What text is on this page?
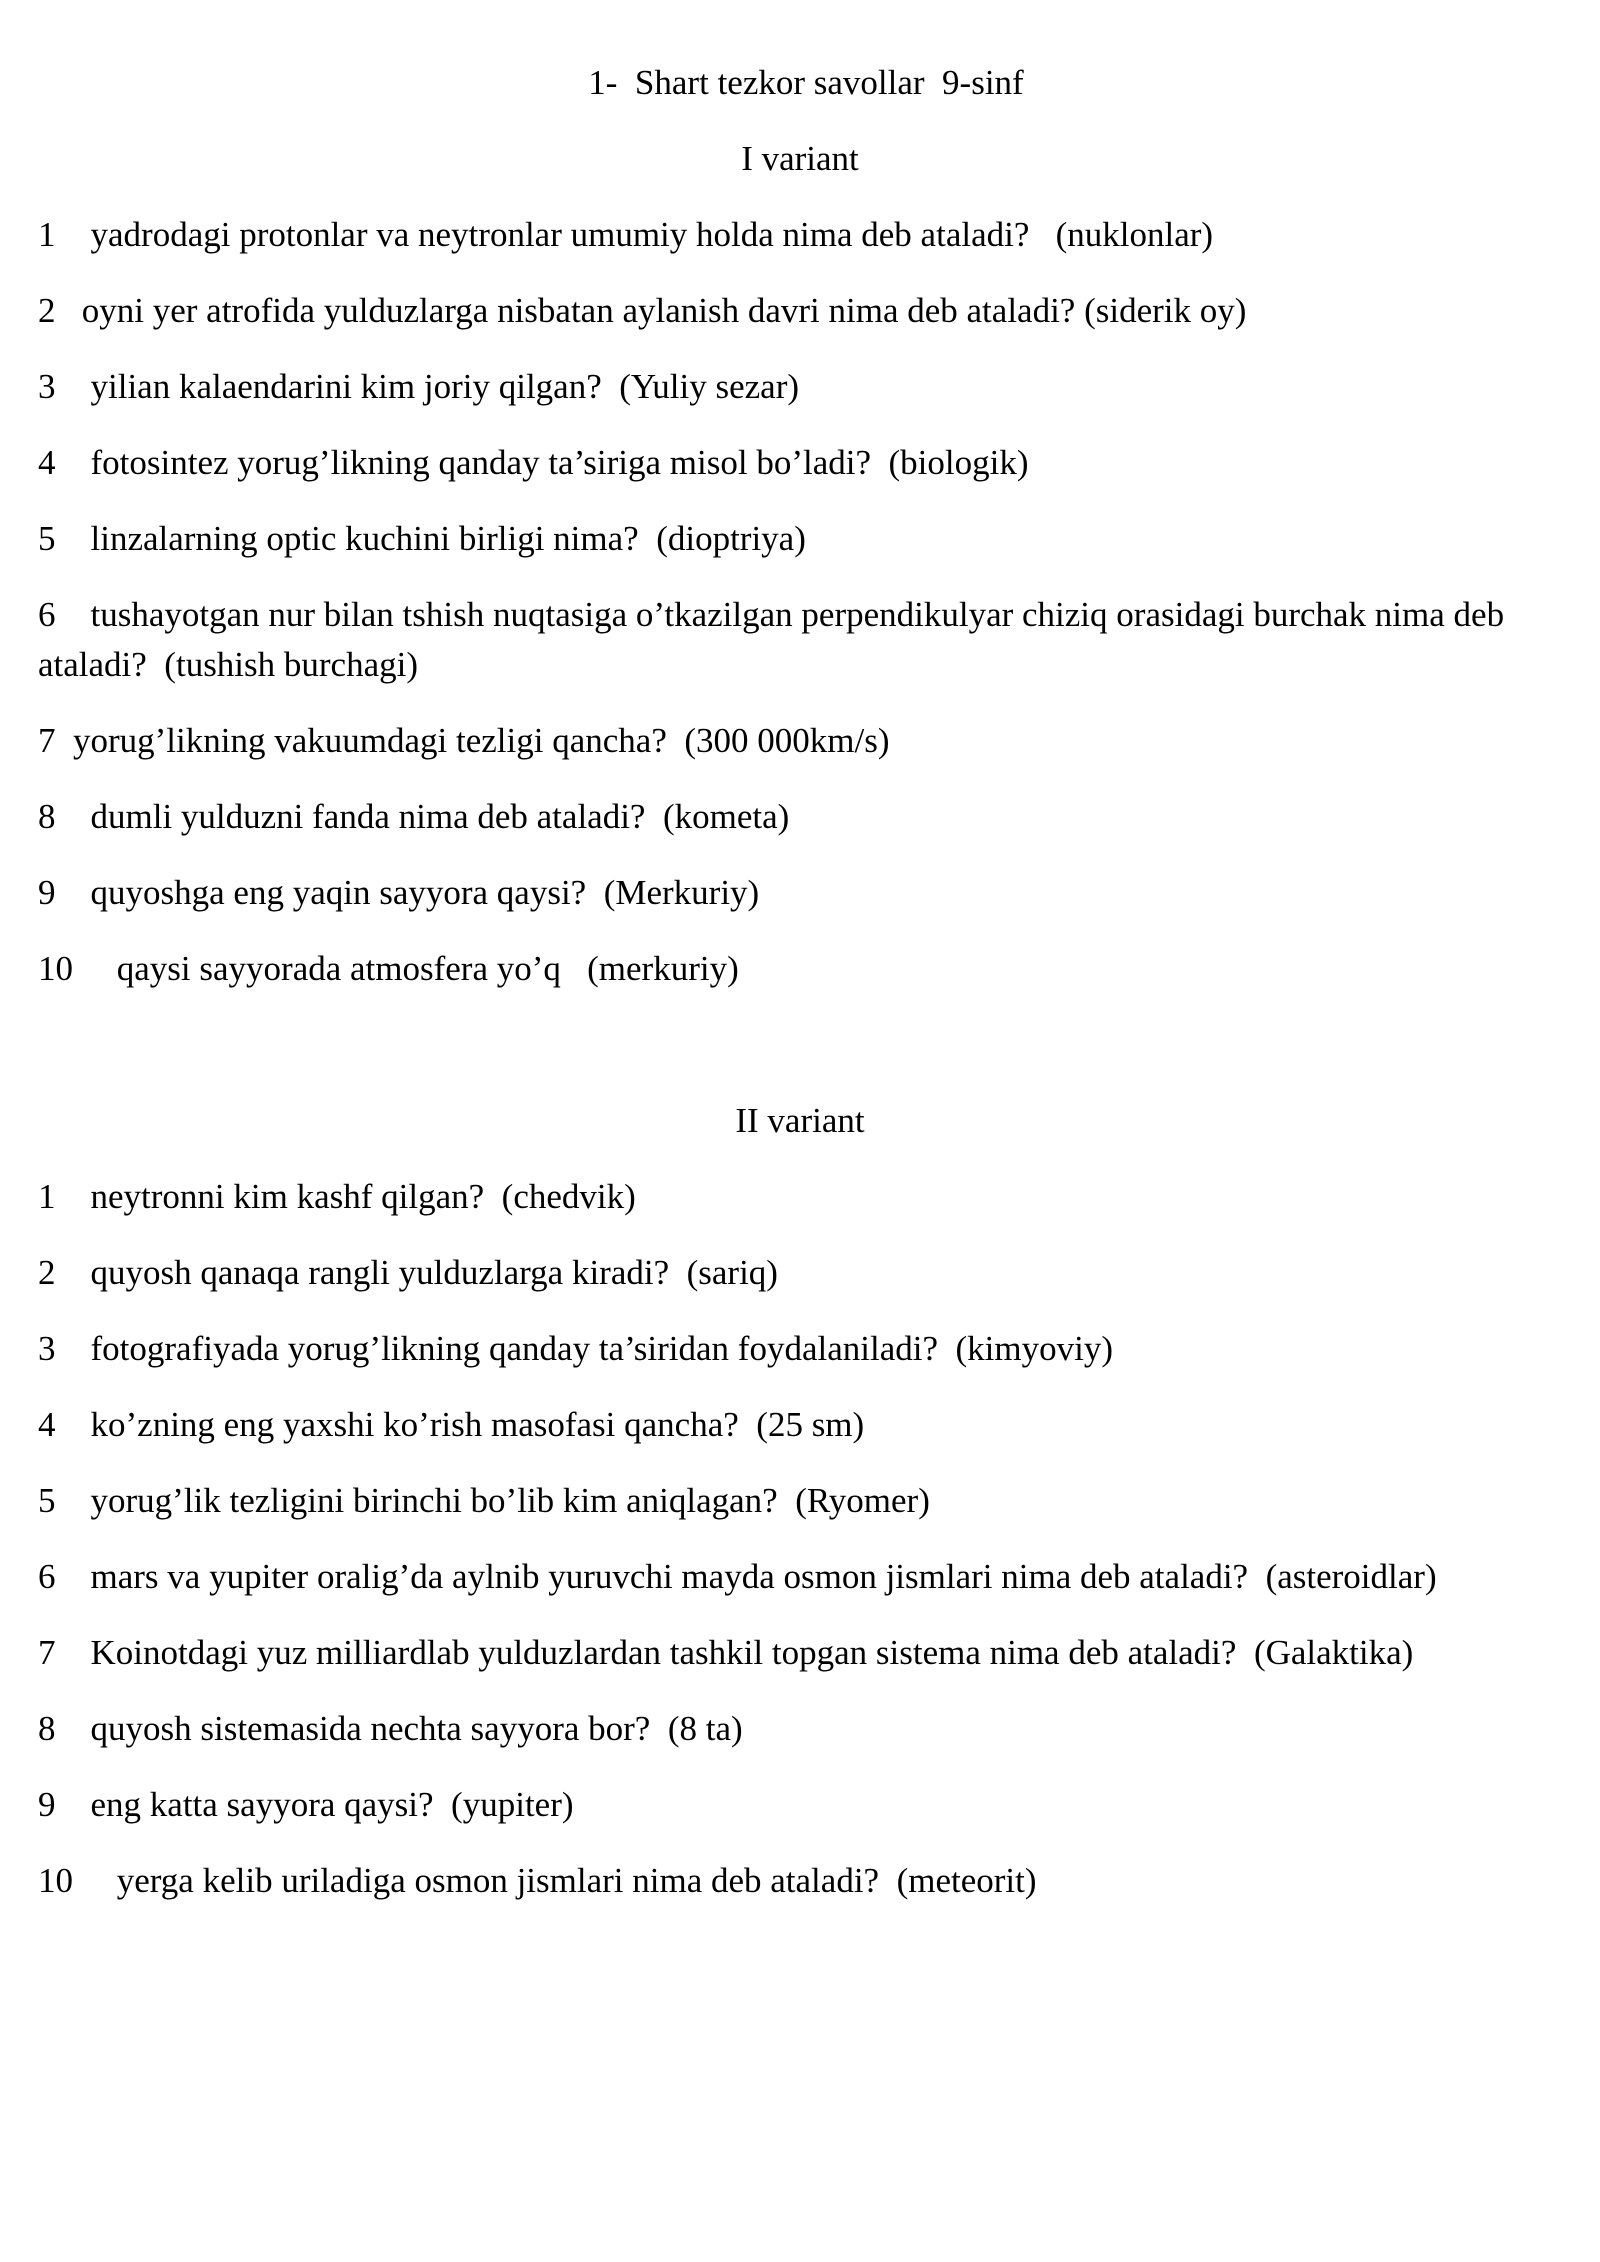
1-  Shart tezkor savollar  9-sinf

I variant

1 yadrodagi protonlar va neytronlar umumiy holda nima deb ataladi?   (nuklonlar)

2 oyni yer atrofida yulduzlarga nisbatan aylanish davri nima deb ataladi? (siderik oy)

3 yilian kalaendarini kim joriy qilgan?  (Yuliy sezar)

4 fotosintez yorug’likning qanday ta’siriga misol bo’ladi?  (biologik)

5 linzalarning optic kuchini birligi nima?  (dioptriya)

6 tushayotgan nur bilan tshish nuqtasiga o’tkazilgan perpendikulyar chiziq orasidagi burchak nima deb ataladi?  (tushish burchagi)

7 yorug’likning vakuumdagi tezligi qancha?  (300 000km/s)

8 dumli yulduzni fanda nima deb ataladi?  (kometa)

9 quyoshga eng yaqin sayyora qaysi?  (Merkuriy)

10 qaysi sayyorada atmosfera yo’q   (merkuriy)

II variant

1 neytronni kim kashf qilgan?  (chedvik)

2 quyosh qanaqa rangli yulduzlarga kiradi?  (sariq)

3 fotografiyada yorug’likning qanday ta’siridan foydalaniladi?  (kimyoviy)

4 ko’zning eng yaxshi ko’rish masofasi qancha?  (25 sm)

5 yorug’lik tezligini birinchi bo’lib kim aniqlagan?  (Ryomer)

6 mars va yupiter oralig’da aylnib yuruvchi mayda osmon jismlari nima deb ataladi?  (asteroidlar)

7 Koinotdagi yuz milliardlab yulduzlardan tashkil topgan sistema nima deb ataladi?  (Galaktika)

8 quyosh sistemasida nechta sayyora bor?  (8 ta)

9 eng katta sayyora qaysi?  (yupiter)

10 yerga kelib uriladiga osmon jismlari nima deb ataladi?  (meteorit)
